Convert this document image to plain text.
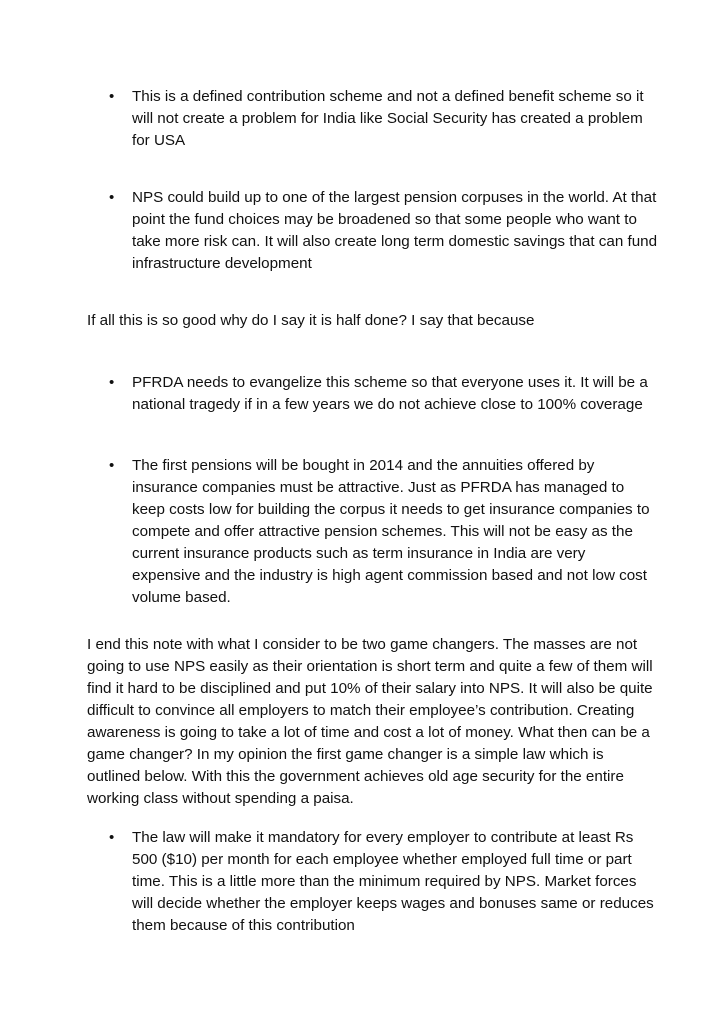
•	This is a defined contribution scheme and not a defined benefit scheme so it
will not create a problem for India like Social Security has created a problem
for USA
•	NPS could build up to one of the largest pension corpuses in the world. At that
point the fund choices may be broadened so that some people who want to
take more risk can. It will also create long term domestic savings that can fund
infrastructure development
If all this is so good why do I say it is half done? I say that because
•	PFRDA needs to evangelize this scheme so that everyone uses it. It will be a
national tragedy if in a few years we do not achieve close to 100% coverage
•	The first pensions will be bought in 2014 and the annuities offered by
insurance companies must be attractive. Just as PFRDA has managed to
keep costs low for building the corpus it needs to get insurance companies to
compete and offer attractive pension schemes. This will not be easy as the
current insurance products such as term insurance in India are very
expensive and the industry is high agent commission based and not low cost
volume based.
I end this note with what I consider to be two game changers. The masses are not
going to use NPS easily as their orientation is short term and quite a few of them will
find it hard to be disciplined and put 10% of their salary into NPS. It will also be quite
difficult to convince all employers to match their employee’s contribution. Creating
awareness is going to take a lot of time and cost a lot of money. What then can be a
game changer? In my opinion the first game changer is a simple law which is
outlined below. With this the government achieves old age security for the entire
working class without spending a paisa.
•	The law will make it mandatory for every employer to contribute at least Rs
500 ($10) per month for each employee whether employed full time or part
time. This is a little more than the minimum required by NPS. Market forces
will decide whether the employer keeps wages and bonuses same or reduces
them because of this contribution
